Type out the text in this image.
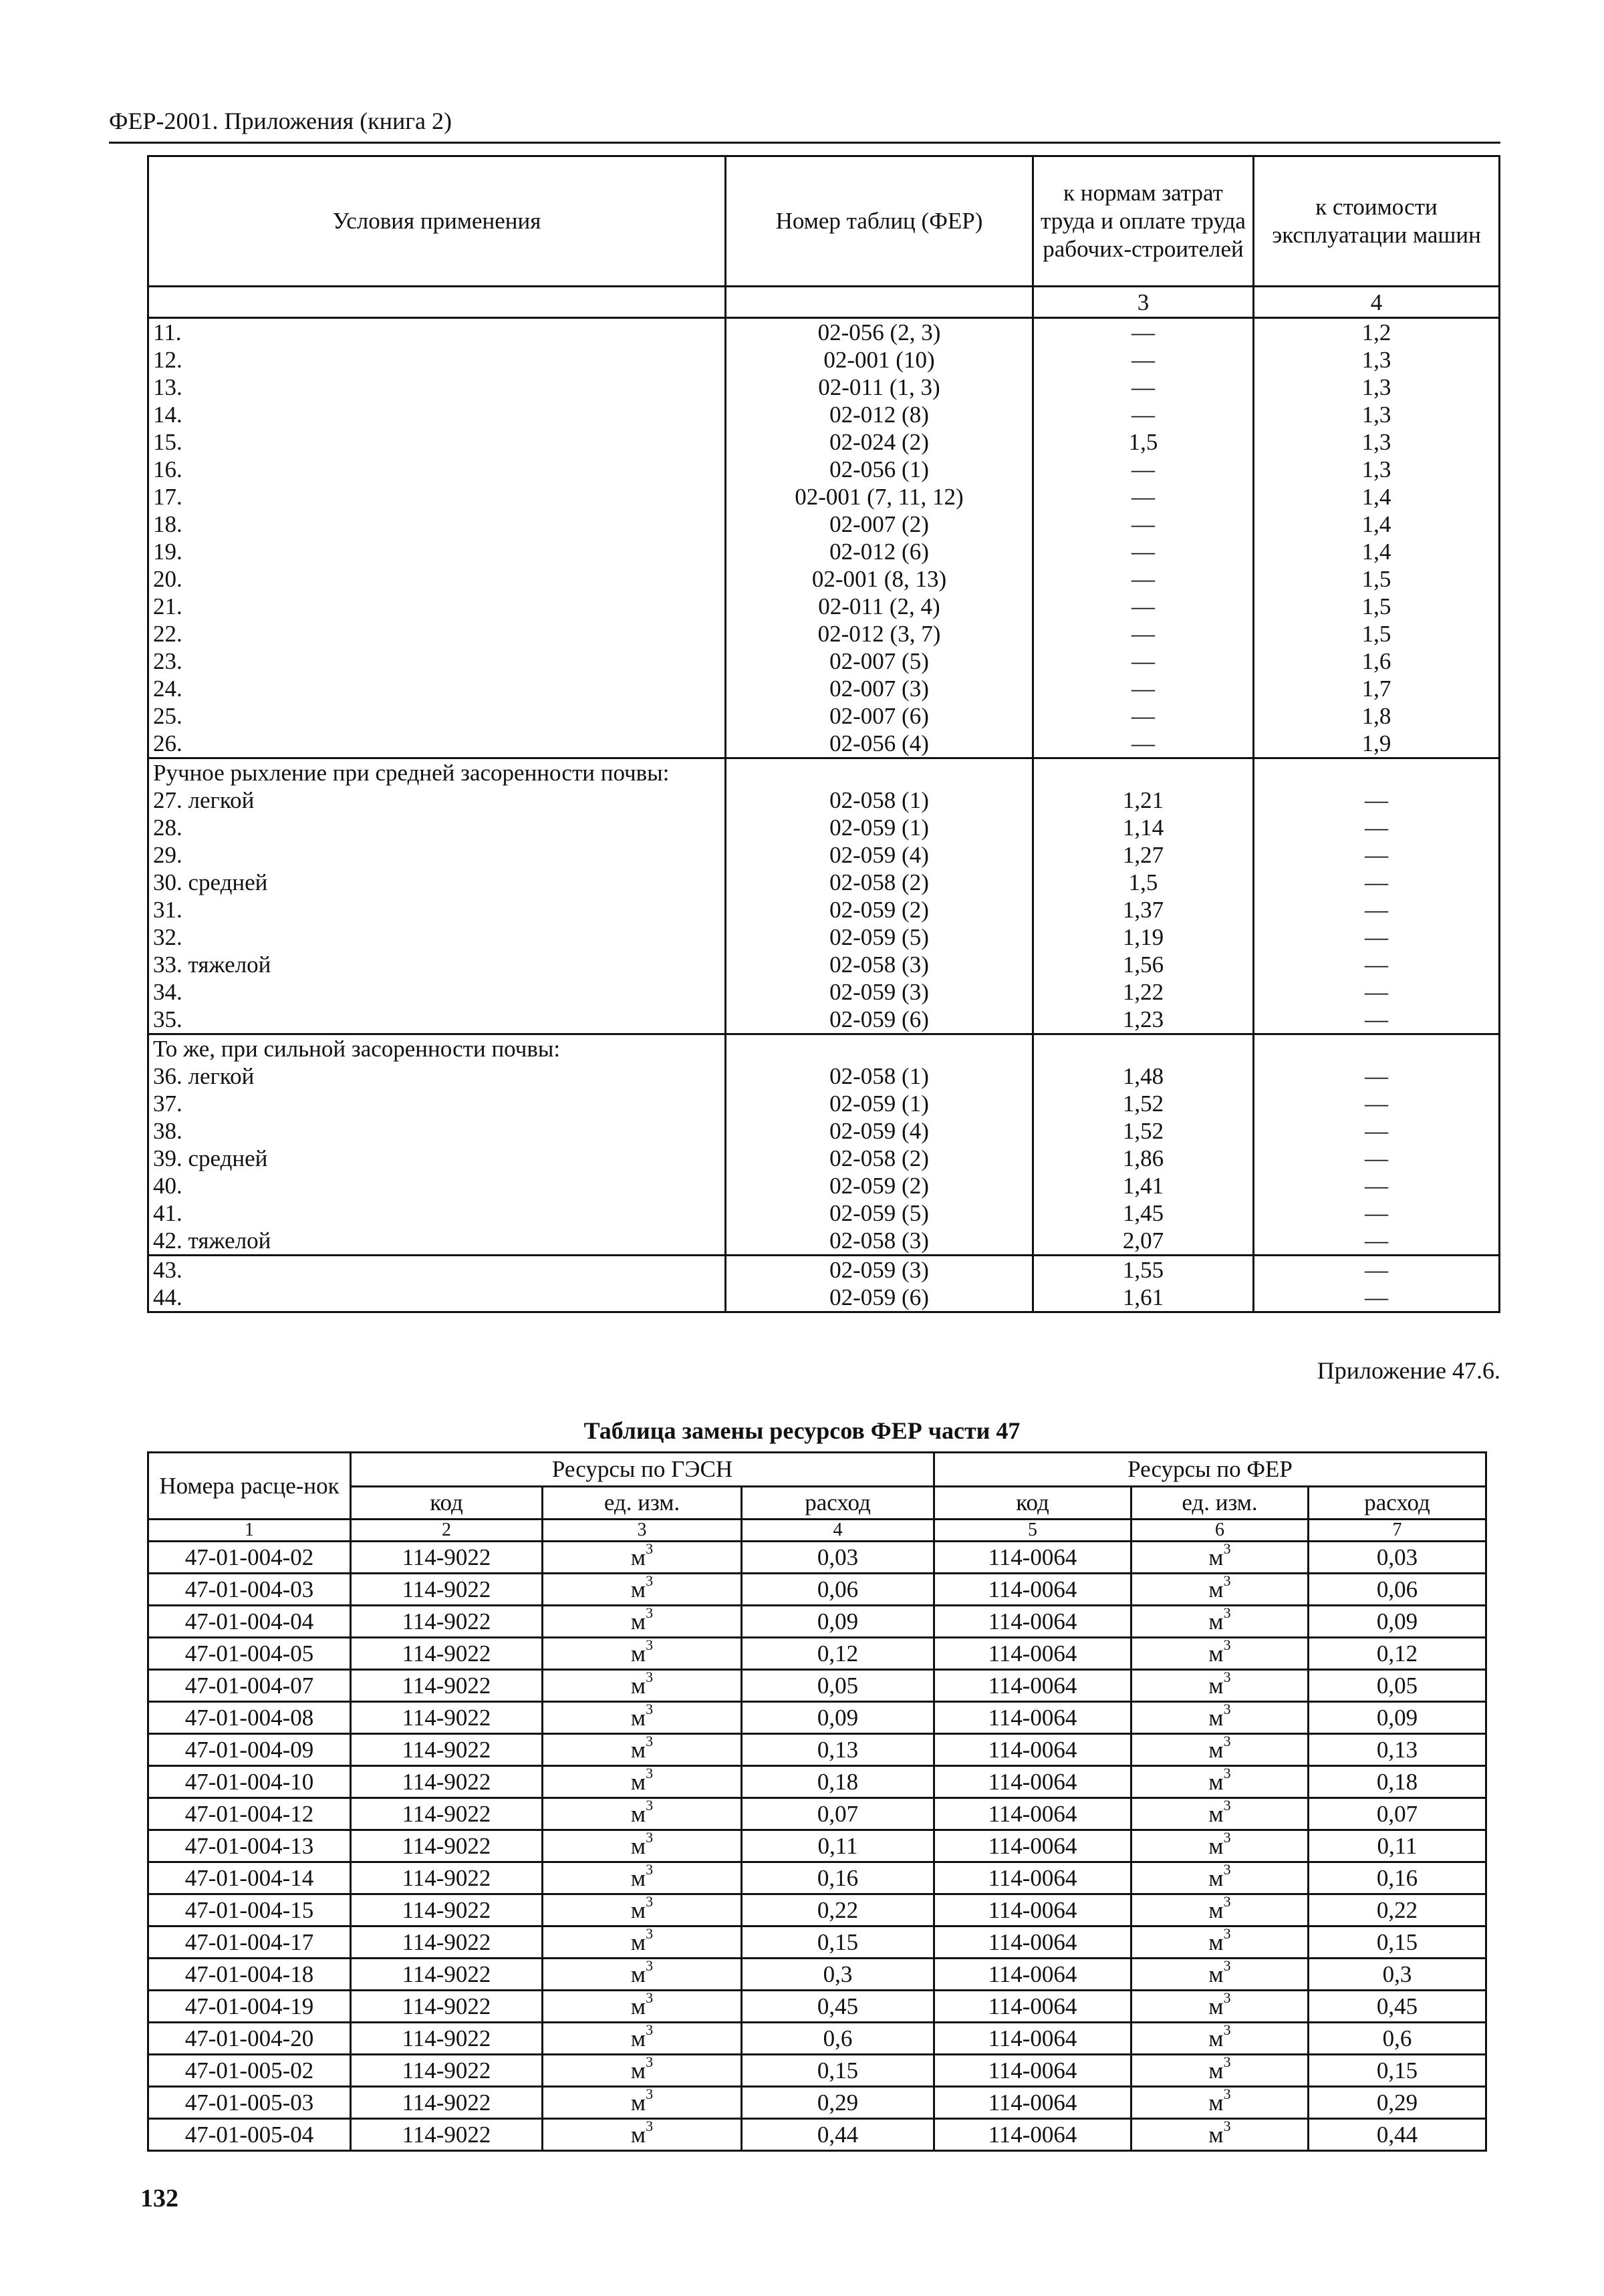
ФЕР-2001. Приложения (книга 2)
Условия применения	Номер таблиц (ФЕР)	к нормам затрат труда и оплате труда рабочих-строителей	к стоимости эксплуатации машин
		3	4
11.	02-056 (2, 3)	—	1,2
12.	02-001 (10)	—	1,3
13.	02-011 (1, 3)	—	1,3
14.	02-012 (8)	—	1,3
15.	02-024 (2)	1,5	1,3
16.	02-056 (1)	—	1,3
17.	02-001 (7, 11, 12)	—	1,4
18.	02-007 (2)	—	1,4
19.	02-012 (6)	—	1,4
20.	02-001 (8, 13)	—	1,5
21.	02-011 (2, 4)	—	1,5
22.	02-012 (3, 7)	—	1,5
23.	02-007 (5)	—	1,6
24.	02-007 (3)	—	1,7
25.	02-007 (6)	—	1,8
26.	02-056 (4)	—	1,9
Ручное рыхление при средней засоренности почвы:			
27. легкой	02-058 (1)	1,21	—
28.	02-059 (1)	1,14	—
29.	02-059 (4)	1,27	—
30. средней	02-058 (2)	1,5	—
31.	02-059 (2)	1,37	—
32.	02-059 (5)	1,19	—
33. тяжелой	02-058 (3)	1,56	—
34.	02-059 (3)	1,22	—
35.	02-059 (6)	1,23	—
То же, при сильной засоренности почвы:			
36. легкой	02-058 (1)	1,48	—
37.	02-059 (1)	1,52	—
38.	02-059 (4)	1,52	—
39. средней	02-058 (2)	1,86	—
40.	02-059 (2)	1,41	—
41.	02-059 (5)	1,45	—
42. тяжелой	02-058 (3)	2,07	—
43.	02-059 (3)	1,55	—
44.	02-059 (6)	1,61	—
Приложение 47.6.
Таблица замены ресурсов ФЕР части 47
Номера расце-нок	Ресурсы по ГЭСН			Ресурсы по ФЕР		
	код	ед. изм.	расход	код	ед. изм.	расход
1	2	3	4	5	6	7
47-01-004-02	114-9022	$м^3$	0,03	114-0064	$м^3$	0,03
47-01-004-03	114-9022	$м^3$	0,06	114-0064	$м^3$	0,06
47-01-004-04	114-9022	$м^3$	0,09	114-0064	$м^3$	0,09
47-01-004-05	114-9022	$м^3$	0,12	114-0064	$м^3$	0,12
47-01-004-07	114-9022	$м^3$	0,05	114-0064	$м^3$	0,05
47-01-004-08	114-9022	$м^3$	0,09	114-0064	$м^3$	0,09
47-01-004-09	114-9022	$м^3$	0,13	114-0064	$м^3$	0,13
47-01-004-10	114-9022	$м^3$	0,18	114-0064	$м^3$	0,18
47-01-004-12	114-9022	$м^3$	0,07	114-0064	$м^3$	0,07
47-01-004-13	114-9022	$м^3$	0,11	114-0064	$м^3$	0,11
47-01-004-14	114-9022	$м^3$	0,16	114-0064	$м^3$	0,16
47-01-004-15	114-9022	$м^3$	0,22	114-0064	$м^3$	0,22
47-01-004-17	114-9022	$м^3$	0,15	114-0064	$м^3$	0,15
47-01-004-18	114-9022	$м^3$	0,3	114-0064	$м^3$	0,3
47-01-004-19	114-9022	$м^3$	0,45	114-0064	$м^3$	0,45
47-01-004-20	114-9022	$м^3$	0,6	114-0064	$м^3$	0,6
47-01-005-02	114-9022	$м^3$	0,15	114-0064	$м^3$	0,15
47-01-005-03	114-9022	$м^3$	0,29	114-0064	$м^3$	0,29
47-01-005-04	114-9022	$м^3$	0,44	114-0064	$м^3$	0,44
132
